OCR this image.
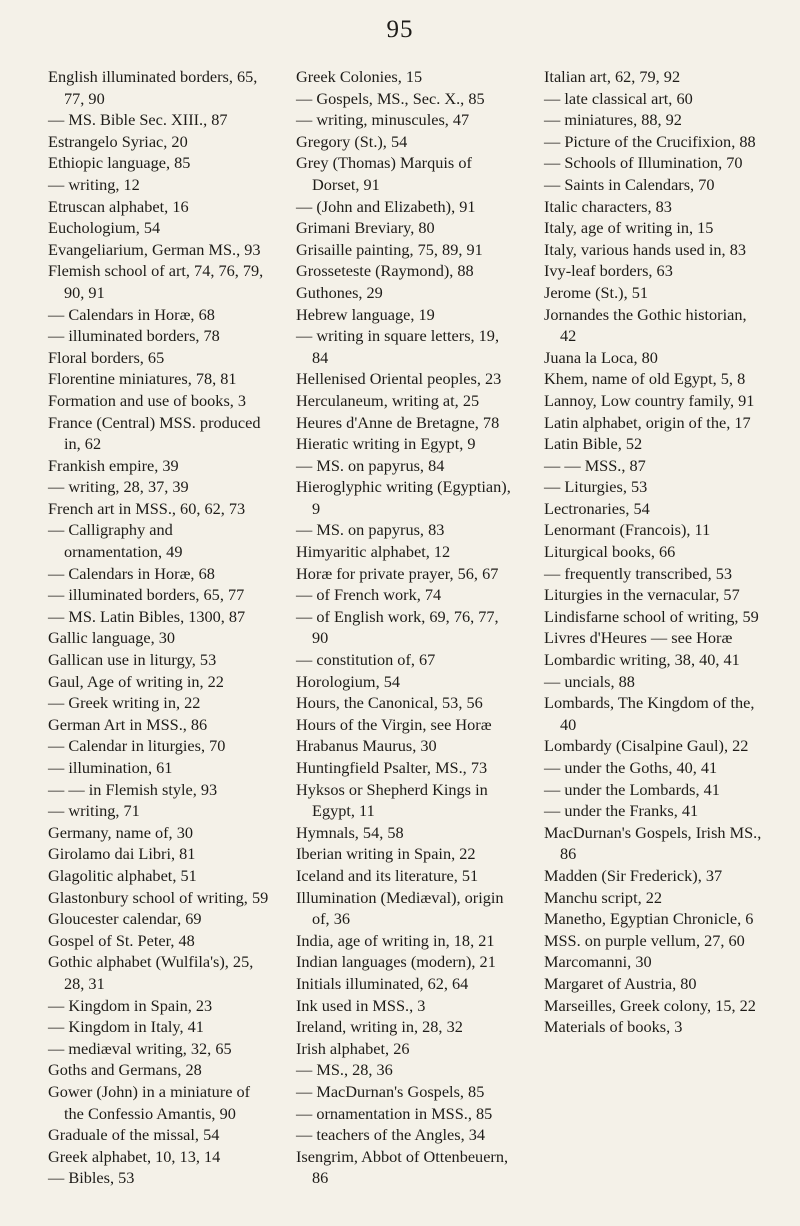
95

English illuminated borders, 65, 77, 90

— MS. Bible Sec. XIII., 87

Estrangelo Syriac, 20

Ethiopic language, 85

— writing, 12

Etruscan alphabet, 16

Euchologium, 54

Evangeliarium, German MS., 93

Flemish school of art, 74, 76, 79, 90, 91

— Calendars in Horæ, 68

— illuminated borders, 78

Floral borders, 65

Florentine miniatures, 78, 81

Formation and use of books, 3

France (Central) MSS. produced in, 62

Frankish empire, 39

— writing, 28, 37, 39

French art in MSS., 60, 62, 73

— Calligraphy and ornamentation, 49

— Calendars in Horæ, 68

— illuminated borders, 65, 77

— MS. Latin Bibles, 1300, 87

Gallic language, 30

Gallican use in liturgy, 53

Gaul, Age of writing in, 22

— Greek writing in, 22

German Art in MSS., 86

— Calendar in liturgies, 70

— illumination, 61

— — in Flemish style, 93

— writing, 71

Germany, name of, 30

Girolamo dai Libri, 81

Glagolitic alphabet, 51

Glastonbury school of writing, 59

Gloucester calendar, 69

Gospel of St. Peter, 48

Gothic alphabet (Wulfila's), 25, 28, 31

— Kingdom in Spain, 23

— Kingdom in Italy, 41

— mediæval writing, 32, 65

Goths and Germans, 28

Gower (John) in a miniature of the Confessio Amantis, 90

Graduale of the missal, 54

Greek alphabet, 10, 13, 14

— Bibles, 53

Greek Colonies, 15

— Gospels, MS., Sec. X., 85

— writing, minuscules, 47

Gregory (St.), 54

Grey (Thomas) Marquis of Dorset, 91

— (John and Elizabeth), 91

Grimani Breviary, 80

Grisaille painting, 75, 89, 91

Grosseteste (Raymond), 88

Guthones, 29

Hebrew language, 19

— writing in square letters, 19, 84

Hellenised Oriental peoples, 23

Herculaneum, writing at, 25

Heures d'Anne de Bretagne, 78

Hieratic writing in Egypt, 9

— MS. on papyrus, 84

Hieroglyphic writing (Egyptian), 9

— MS. on papyrus, 83

Himyaritic alphabet, 12

Horæ for private prayer, 56, 67

— of French work, 74

— of English work, 69, 76, 77, 90

— constitution of, 67

Horologium, 54

Hours, the Canonical, 53, 56

Hours of the Virgin, see Horæ

Hrabanus Maurus, 30

Huntingfield Psalter, MS., 73

Hyksos or Shepherd Kings in Egypt, 11

Hymnals, 54, 58

Iberian writing in Spain, 22

Iceland and its literature, 51

Illumination (Mediæval), origin of, 36

India, age of writing in, 18, 21

Indian languages (modern), 21

Initials illuminated, 62, 64

Ink used in MSS., 3

Ireland, writing in, 28, 32

Irish alphabet, 26

— MS., 28, 36

— MacDurnan's Gospels, 85

— ornamentation in MSS., 85

— teachers of the Angles, 34

Isengrim, Abbot of Ottenbeuern, 86

Italian art, 62, 79, 92

— late classical art, 60

— miniatures, 88, 92

— Picture of the Crucifixion, 88

— Schools of Illumination, 70

— Saints in Calendars, 70

Italic characters, 83

Italy, age of writing in, 15

Italy, various hands used in, 83

Ivy-leaf borders, 63

Jerome (St.), 51

Jornandes the Gothic historian, 42

Juana la Loca, 80

Khem, name of old Egypt, 5, 8

Lannoy, Low country family, 91

Latin alphabet, origin of the, 17

Latin Bible, 52

— — MSS., 87

— Liturgies, 53

Lectronaries, 54

Lenormant (Francois), 11

Liturgical books, 66

— frequently transcribed, 53

Liturgies in the vernacular, 57

Lindisfarne school of writing, 59

Livres d'Heures — see Horæ

Lombardic writing, 38, 40, 41

— uncials, 88

Lombards, The Kingdom of the, 40

Lombardy (Cisalpine Gaul), 22

— under the Goths, 40, 41

— under the Lombards, 41

— under the Franks, 41

MacDurnan's Gospels, Irish MS., 86

Madden (Sir Frederick), 37

Manchu script, 22

Manetho, Egyptian Chronicle, 6

MSS. on purple vellum, 27, 60

Marcomanni, 30

Margaret of Austria, 80

Marseilles, Greek colony, 15, 22

Materials of books, 3
